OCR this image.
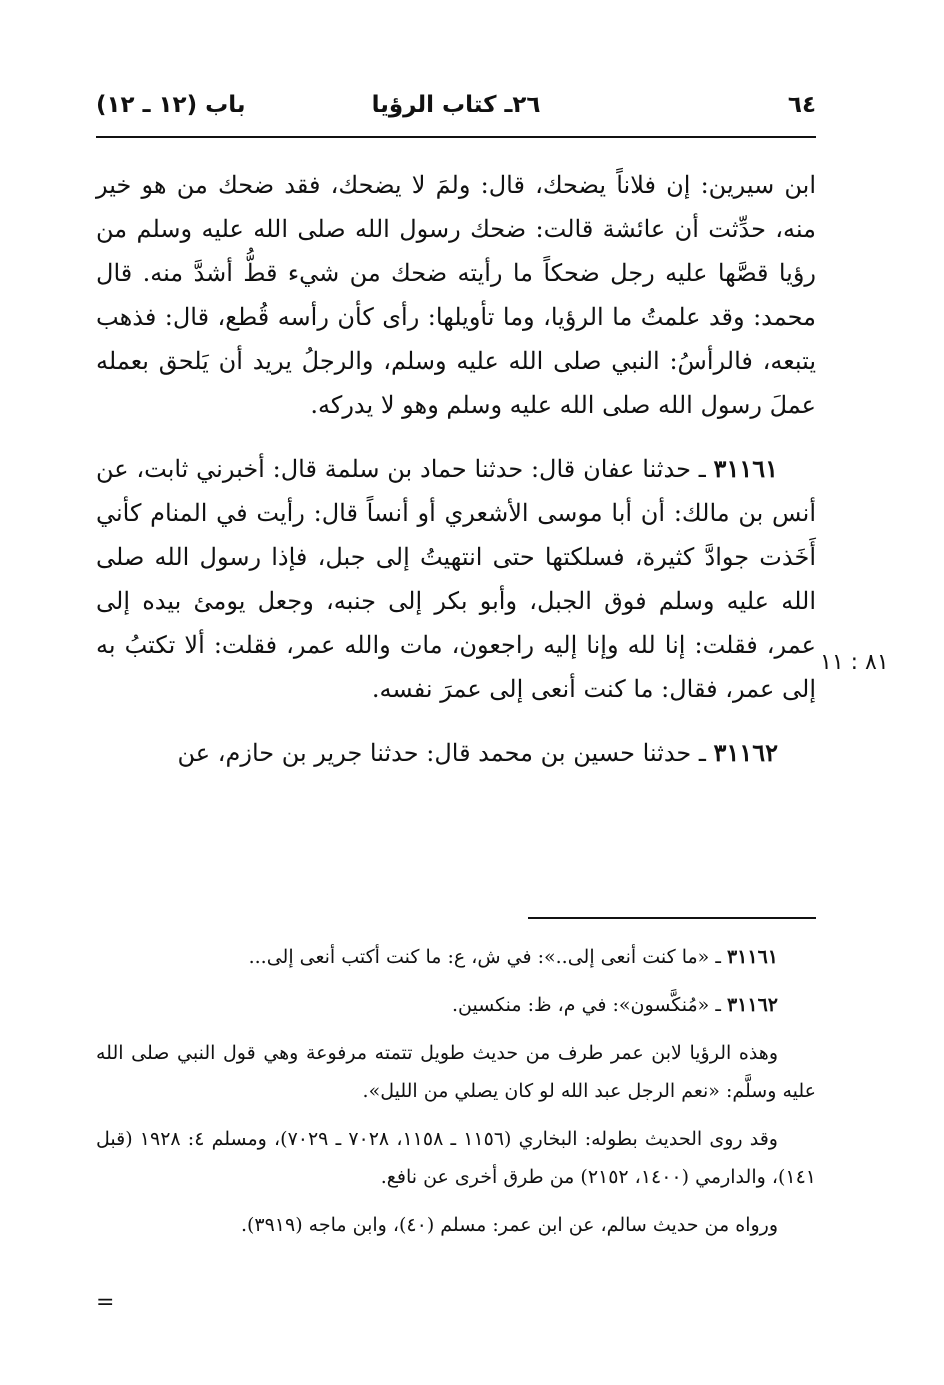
٦٤
٢٦ـ كتاب الرؤيا
باب (١٢ ـ ١٢)

ابن سيرين: إن فلاناً يضحك، قال: ولمَ لا يضحك، فقد ضحك من هو خير منه، حدِّثت أن عائشة قالت: ضحك رسول الله صلى الله عليه وسلم من رؤيا قصَّها عليه رجل ضحكاً ما رأيته ضحك من شيء قطُّ أشدَّ منه. قال محمد: وقد علمتُ ما الرؤيا، وما تأويلها: رأى كأن رأسه قُطع، قال: فذهب يتبعه، فالرأسُ: النبي صلى الله عليه وسلم، والرجلُ يريد أن يَلحق بعمله عملَ رسول الله صلى الله عليه وسلم وهو لا يدركه.

٣١١٦١ ـ حدثنا عفان قال: حدثنا حماد بن سلمة قال: أخبرني ثابت، عن أنس بن مالك: أن أبا موسى الأشعري أو أنساً قال: رأيت في المنام كأني أَخَذت جوادَّ كثيرة، فسلكتها حتى انتهيتُ إلى جبل، فإذا رسول الله صلى الله عليه وسلم فوق الجبل، وأبو بكر إلى جنبه، وجعل يومئ بيده إلى عمر، فقلت: إنا لله وإنا إليه راجعون، مات والله عمر، فقلت: ألا تكتبُ به إلى عمر، فقال: ما كنت أنعى إلى عمرَ نفسه.

٣١١٦٢ ـ حدثنا حسين بن محمد قال: حدثنا جرير بن حازم، عن

٨١ : ١١

٣١١٦١ ـ «ما كنت أنعى إلى..»: في ش، ع: ما كنت أكتب أنعى إلى...

٣١١٦٢ ـ «مُنكَّسون»: في م، ظ: منكسين.

وهذه الرؤيا لابن عمر طرف من حديث طويل تتمته مرفوعة وهي قول النبي صلى الله عليه وسلَّم: «نعم الرجل عبد الله لو كان يصلي من الليل».

وقد روى الحديث بطوله: البخاري (١١٥٦ ـ ١١٥٨، ٧٠٢٨ ـ ٧٠٢٩)، ومسلم ٤: ١٩٢٨ (قبل ١٤١)، والدارمي (١٤٠٠، ٢١٥٢) من طرق أخرى عن نافع.

ورواه من حديث سالم، عن ابن عمر: مسلم (٤٠)، وابن ماجه (٣٩١٩).

=
